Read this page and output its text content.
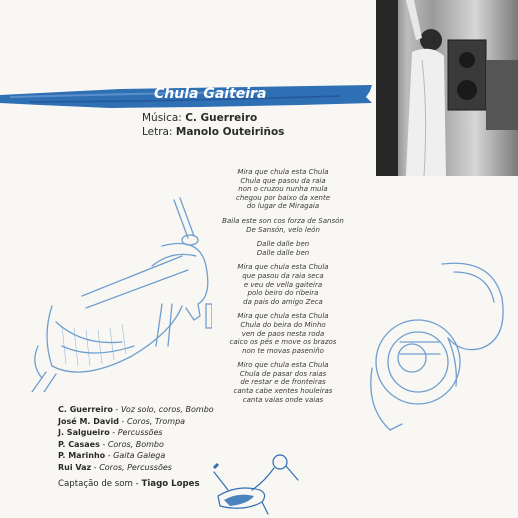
Chula Gaiteira

Música: C. Guerreiro

Letra: Manolo Outeiriños

Mira que chula esta Chula
Chula que pasou da raia
non o cruzou nunha mula
chegou por baixo da xente
do lugar de Miragaia
Baila este son cos forza de Sansón
De Sansón, velo león
Dalle dalle ben
Dalle dalle ben
Mira que chula esta Chula
que pasou da raia seca
e veu de vella gaiteira
polo beiro do ribeira
da pais do amigo Zeca
Mira que chula esta Chula
Chula do beira do Minho
ven de paos nesta roda
caico os pés e move os brazos
non te movas paseniño
Miro que chula esta Chula
Chula de pasar dos raias
de restar e de fronteiras
canta cabe xentes houleiras
canta vaias onde vaias
C. Guerreiro - Voz solo, coros, Bombo
José M. David - Coros, Trompa
J. Salgueiro - Percussões
P. Casaes - Coros, Bombo
P. Marinho - Gaita Galega
Rui Vaz - Coros, Percussões
Captação de som - Tiago Lopes
